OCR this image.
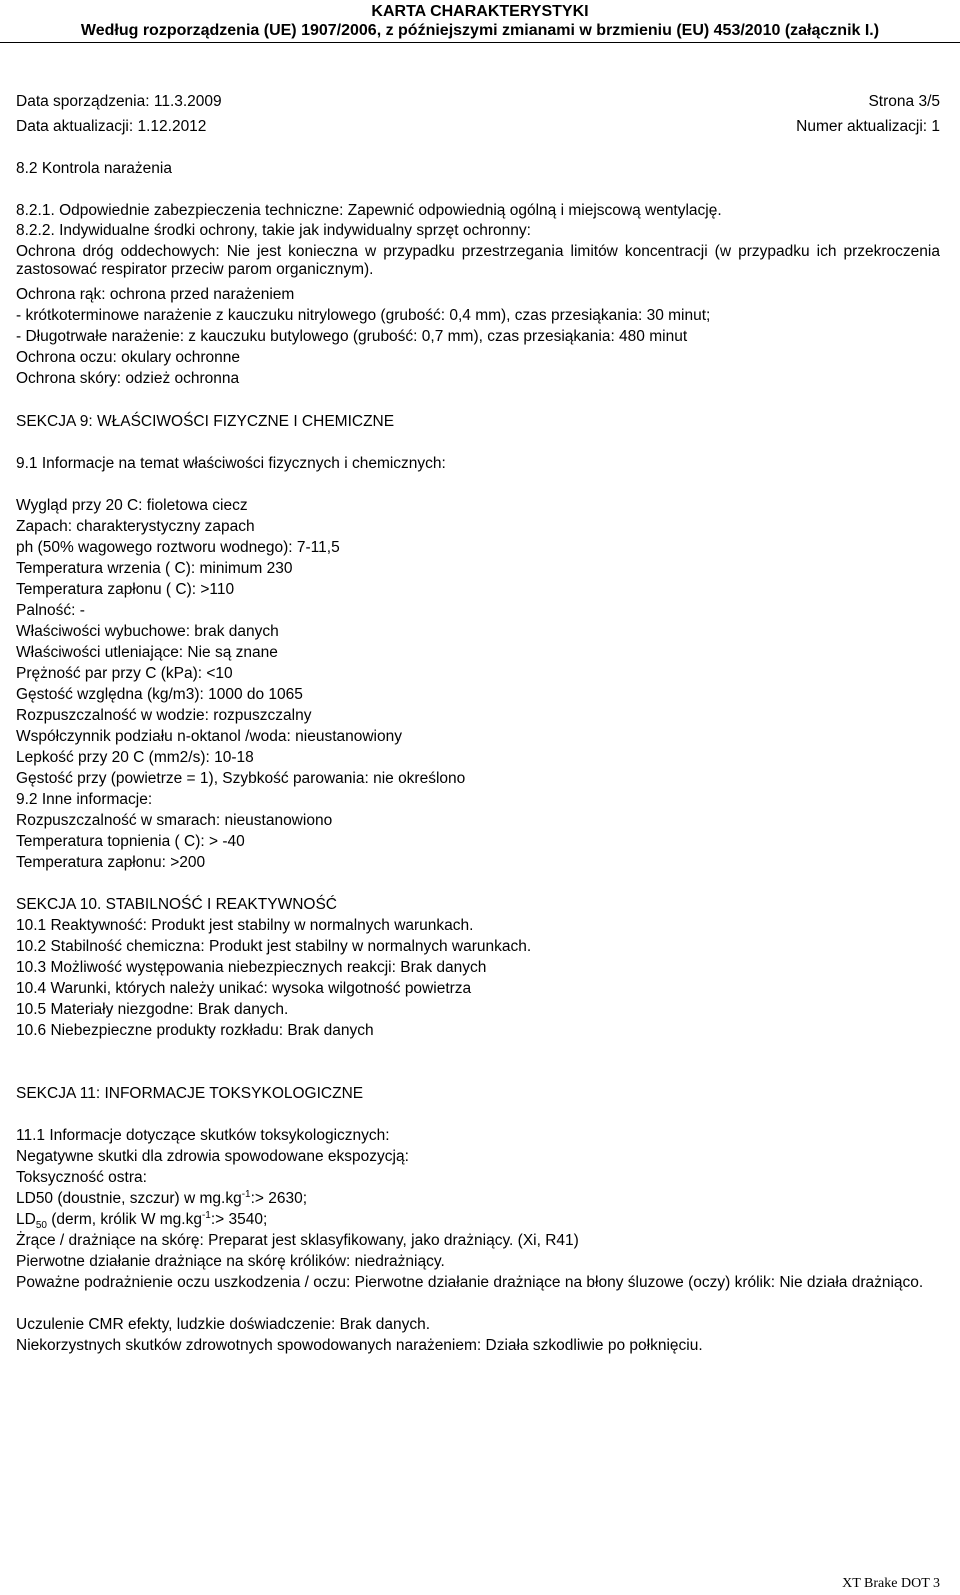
KARTA CHARAKTERYSTYKI
Według rozporządzenia (UE) 1907/2006, z późniejszymi zmianami w brzmieniu (EU) 453/2010 (załącznik I.)
Data sporządzenia: 11.3.2009	Strona 3/5
Data aktualizacji: 1.12.2012	Numer aktualizacji: 1
8.2 Kontrola narażenia
8.2.1. Odpowiednie zabezpieczenia techniczne: Zapewnić odpowiednią ogólną i miejscową wentylację.
8.2.2. Indywidualne środki ochrony, takie jak indywidualny sprzęt ochronny:
Ochrona dróg oddechowych: Nie jest konieczna w przypadku przestrzegania limitów koncentracji (w przypadku ich przekroczenia zastosować respirator przeciw parom organicznym).
Ochrona rąk: ochrona przed narażeniem
- krótkoterminowe narażenie z kauczuku nitrylowego (grubość: 0,4 mm), czas przesiąkania: 30 minut;
- Długotrwałe narażenie: z kauczuku butylowego (grubość: 0,7 mm), czas przesiąkania: 480 minut
Ochrona oczu: okulary ochronne
Ochrona skóry: odzież ochronna
SEKCJA 9: WŁAŚCIWOŚCI FIZYCZNE I CHEMICZNE
9.1 Informacje na temat właściwości fizycznych i chemicznych:
Wygląd przy 20 C: fioletowa ciecz
Zapach: charakterystyczny zapach
ph (50% wagowego roztworu wodnego): 7-11,5
Temperatura wrzenia ( C): minimum 230
Temperatura zapłonu ( C): >110
Palność: -
Właściwości wybuchowe: brak danych
Właściwości utleniające: Nie są znane
Prężność par przy C (kPa): <10
Gęstość względna (kg/m3): 1000 do 1065
Rozpuszczalność w wodzie: rozpuszczalny
Współczynnik podziału n-oktanol /woda: nieustanowiony
Lepkość przy 20 C (mm2/s): 10-18
Gęstość przy (powietrze = 1), Szybkość parowania: nie określono
9.2 Inne informacje:
Rozpuszczalność w smarach: nieustanowiono
Temperatura topnienia ( C): > -40
Temperatura zapłonu: >200
SEKCJA 10. STABILNOŚĆ I REAKTYWNOŚĆ
10.1 Reaktywność: Produkt jest stabilny w normalnych warunkach.
10.2 Stabilność chemiczna: Produkt jest stabilny w normalnych warunkach.
10.3 Możliwość występowania niebezpiecznych reakcji: Brak danych
10.4 Warunki, których należy unikać: wysoka wilgotność powietrza
10.5 Materiały niezgodne: Brak danych.
10.6 Niebezpieczne produkty rozkładu: Brak danych
SEKCJA 11: INFORMACJE TOKSYKOLOGICZNE
11.1 Informacje dotyczące skutków toksykologicznych:
Negatywne skutki dla zdrowia spowodowane ekspozycją:
Toksyczność ostra:
LD50 (doustnie, szczur) w $mg.kg^{-1}:> 2630$;
$LD_{50}$ (derm, królik W $mg.kg^{-1}:> 3540$;
Żrące / drażniące na skórę: Preparat jest sklasyfikowany, jako drażniący. (Xi, R41)
Pierwotne działanie drażniące na skórę królików: niedrażniący.
Poważne podrażnienie oczu uszkodzenia / oczu: Pierwotne działanie drażniące na błony śluzowe (oczy) królik: Nie działa drażniąco.
Uczulenie CMR efekty, ludzkie doświadczenie: Brak danych.
Niekorzystnych skutków zdrowotnych spowodowanych narażeniem: Działa szkodliwie po połknięciu.
XT Brake DOT 3
